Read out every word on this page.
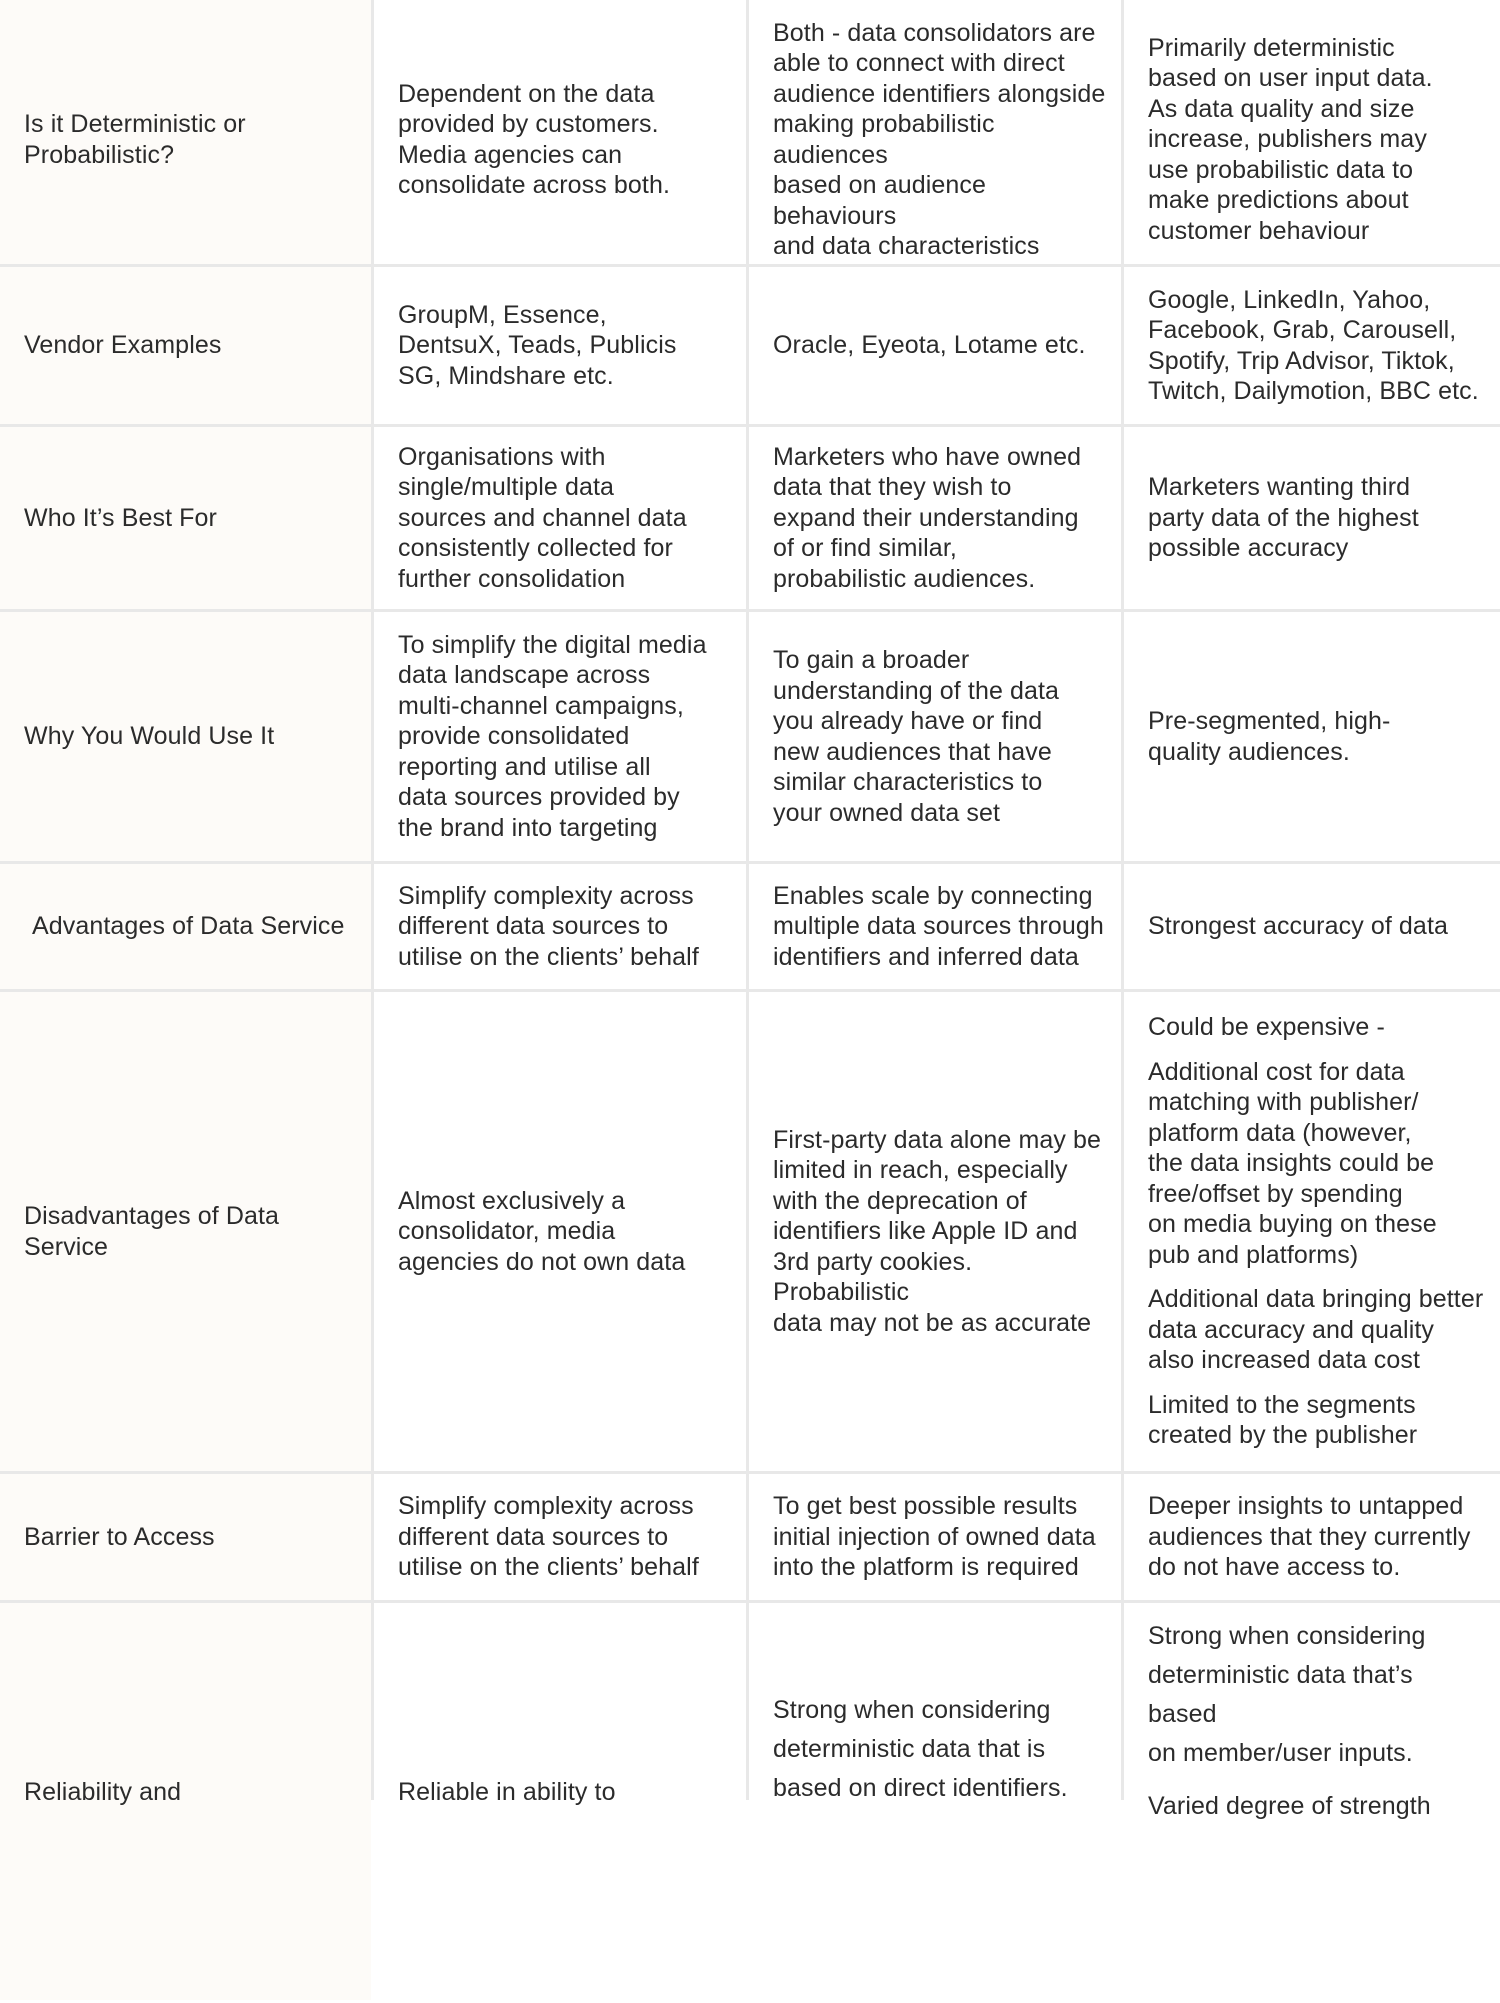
Is it Deterministic or
Probabilistic?
Dependent on the data
provided by customers.
Media agencies can
consolidate across both.
Both - data consolidators are
able to connect with direct
audience identifiers alongside
making probabilistic audiences
based on audience behaviours
and data characteristics
Primarily deterministic
based on user input data.
As data quality and size
increase, publishers may
use probabilistic data to
make predictions about
customer behaviour
Vendor Examples
GroupM, Essence,
DentsuX, Teads, Publicis
SG, Mindshare etc.
Oracle, Eyeota, Lotame etc.
Google, LinkedIn, Yahoo,
Facebook, Grab, Carousell,
Spotify, Trip Advisor, Tiktok,
Twitch, Dailymotion, BBC etc.
Who It’s Best For
Organisations with
single/multiple data
sources and channel data
consistently collected for
further consolidation
Marketers who have owned
data that they wish to
expand their understanding
of or find similar,
probabilistic audiences.
Marketers wanting third
party data of the highest
possible accuracy
Why You Would Use It
To simplify the digital media
data landscape across
multi-channel campaigns,
provide consolidated
reporting and utilise all
data sources provided by
the brand into targeting
To gain a broader
understanding of the data
you already have or find
new audiences that have
similar characteristics to
your owned data set
Pre-segmented, high-
quality audiences.
Advantages of Data Service
Simplify complexity across
different data sources to
utilise on the clients’ behalf
Enables scale by connecting
multiple data sources through
identifiers and inferred data
Strongest accuracy of data
Disadvantages of Data Service
Almost exclusively a
consolidator, media
agencies do not own data
First-party data alone may be
limited in reach, especially
with the deprecation of
identifiers like Apple ID and
3rd party cookies. Probabilistic
data may not be as accurate
Could be expensive -
Additional cost for data
matching with publisher/
platform data (however,
the data insights could be
free/offset by spending
on media buying on these
pub and platforms)
Additional data bringing better
data accuracy and quality
also increased data cost
Limited to the segments
created by the publisher
Barrier to Access
Simplify complexity across
different data sources to
utilise on the clients’ behalf
To get best possible results
initial injection of owned data
into the platform is required
Deeper insights to untapped
audiences that they currently
do not have access to.
Reliability and	Reliable in ability to
Strong when considering
deterministic data that is
based on direct identifiers.
Strong when considering
deterministic data that’s based
on member/user inputs.
Varied degree of strength
